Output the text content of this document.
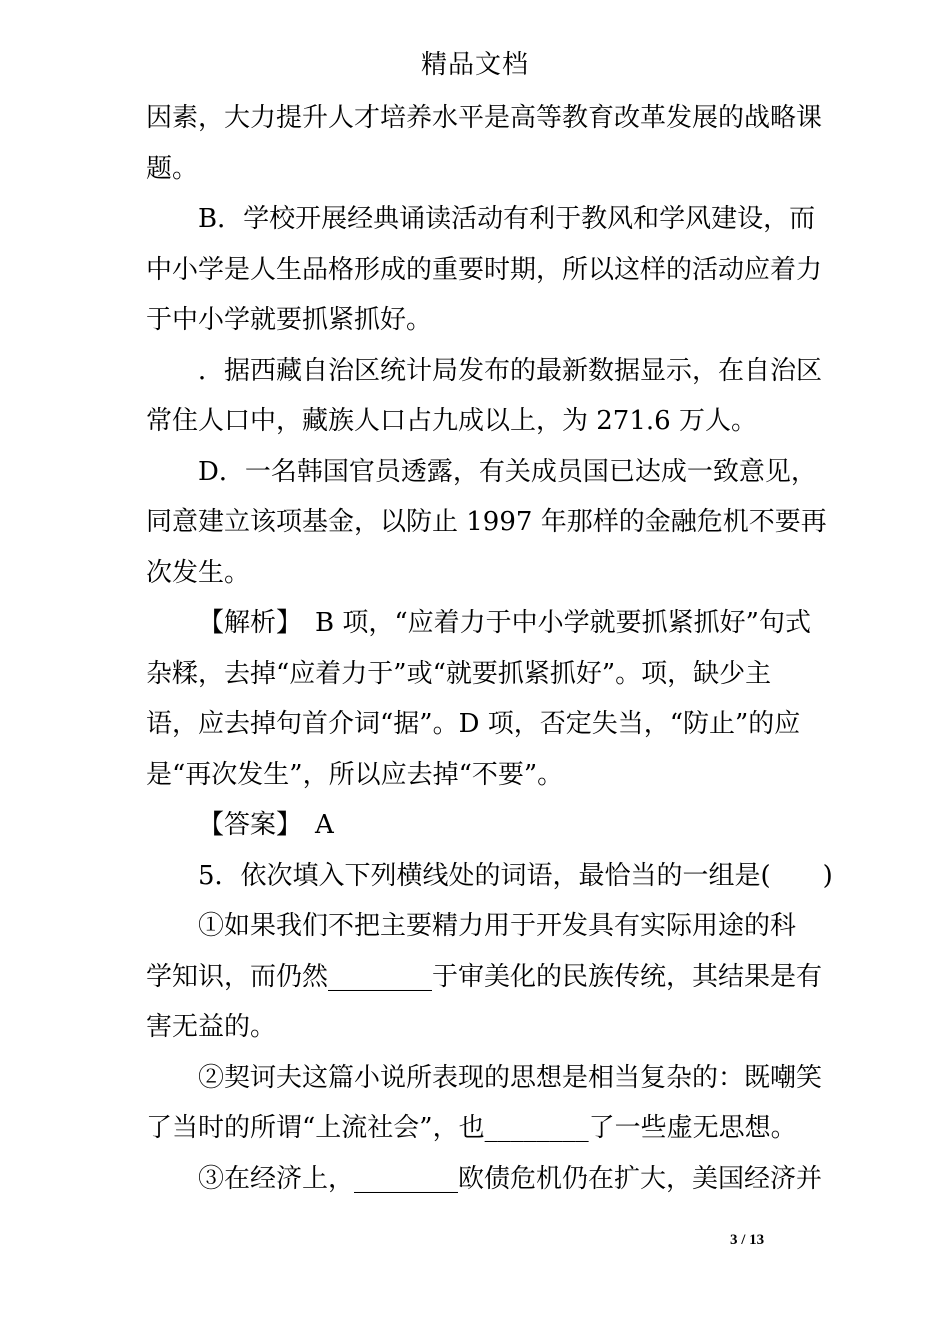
精品文档
因素，大力提升人才培养水平是高等教育改革发展的战略课
题。
B．学校开展经典诵读活动有利于教风和学风建设，而
中小学是人生品格形成的重要时期，所以这样的活动应着力
于中小学就要抓紧抓好。
．据西藏自治区统计局发布的最新数据显示，在自治区
常住人口中，藏族人口占九成以上，为 271.6 万人。
D．一名韩国官员透露，有关成员国已达成一致意见，
同意建立该项基金，以防止 1997 年那样的金融危机不要再
次发生。
【解析】　B 项，“应着力于中小学就要抓紧抓好”句式
杂糅，去掉“应着力于”或“就要抓紧抓好”。项，缺少主
语，应去掉句首介词“据”。D 项，否定失当，“防止”的应
是“再次发生”，所以应去掉“不要”。
【答案】　A
5．依次填入下列横线处的词语，最恰当的一组是(　　)
①如果我们不把主要精力用于开发具有实际用途的科
学知识，而仍然________于审美化的民族传统，其结果是有
害无益的。
②契诃夫这篇小说所表现的思想是相当复杂的：既嘲笑
了当时的所谓“上流社会”，也________了一些虚无思想。
③在经济上，________欧债危机仍在扩大，美国经济并
3 / 13
